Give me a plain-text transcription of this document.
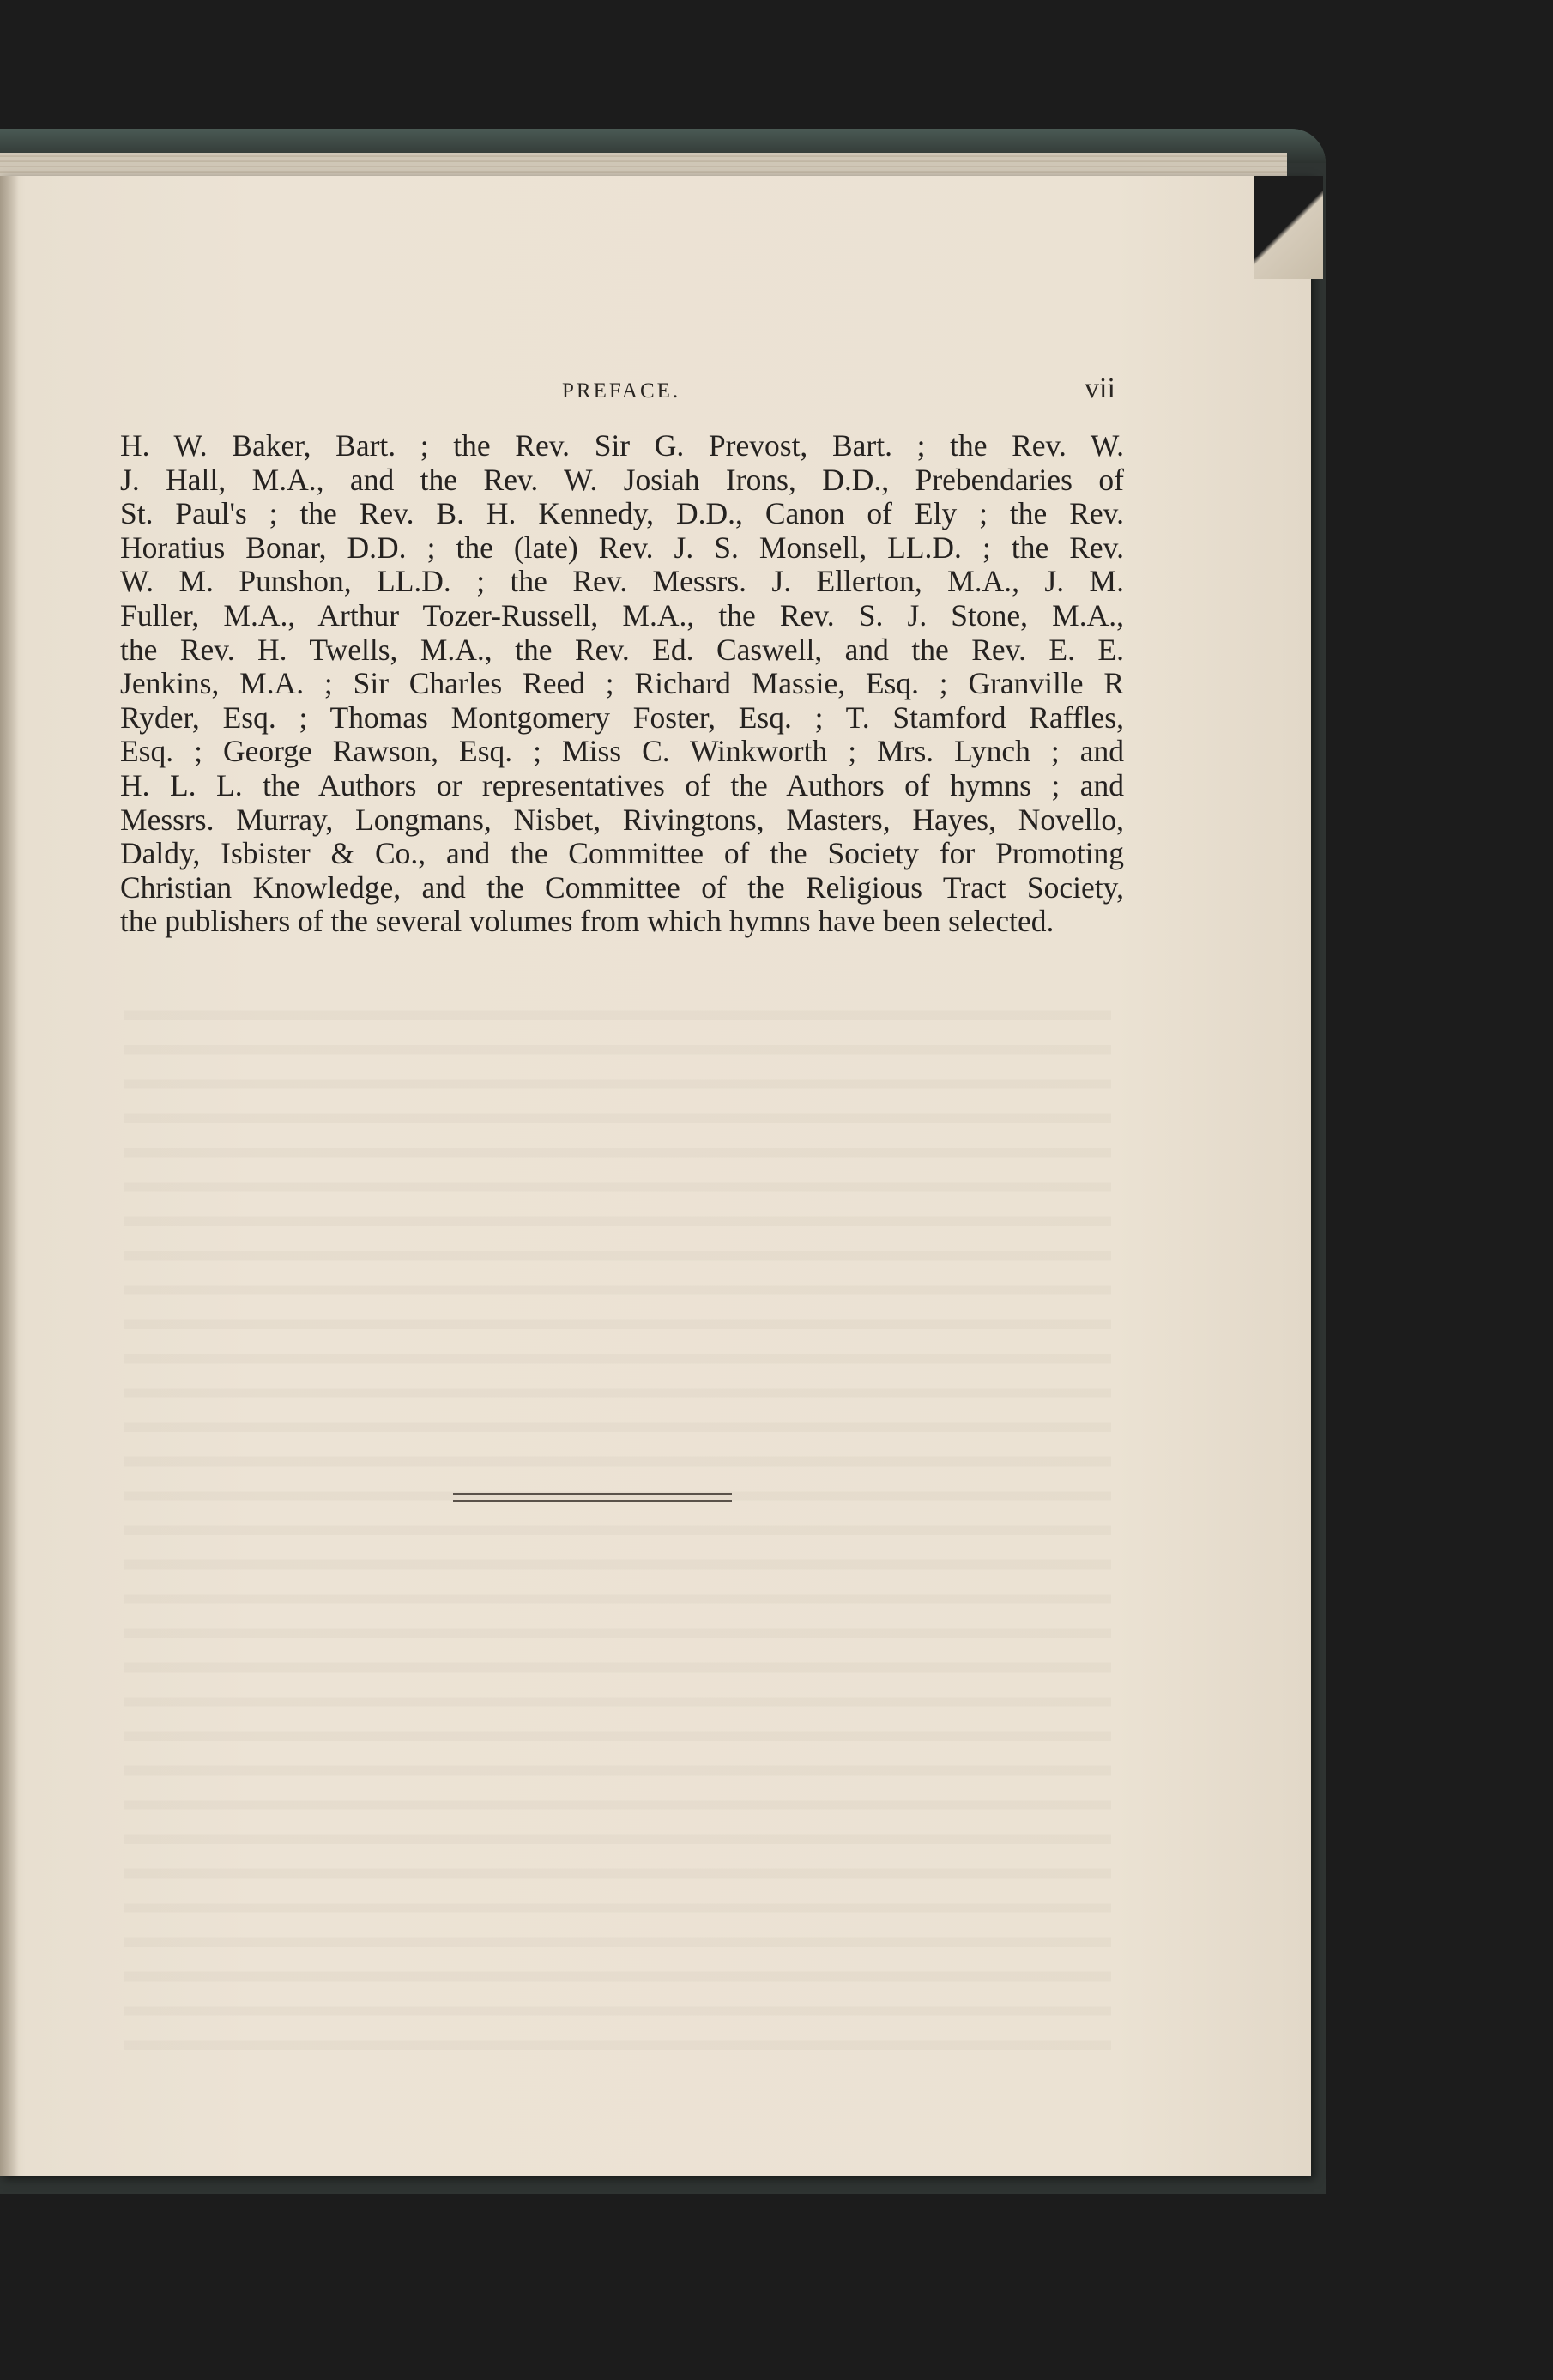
PREFACE.	vii
H. W. Baker, Bart. ; the Rev. Sir G. Prevost, Bart. ; the Rev. W.
J. Hall, M.A., and the Rev. W. Josiah Irons, D.D., Prebendaries of
St. Paul's ; the Rev. B. H. Kennedy, D.D., Canon of Ely ; the Rev.
Horatius Bonar, D.D. ; the (late) Rev. J. S. Monsell, LL.D. ; the Rev.
W. M. Punshon, LL.D. ; the Rev. Messrs. J. Ellerton, M.A., J. M.
Fuller, M.A., Arthur Tozer-Russell, M.A., the Rev. S. J. Stone, M.A.,
the Rev. H. Twells, M.A., the Rev. Ed. Caswell, and the Rev. E. E.
Jenkins, M.A. ; Sir Charles Reed ; Richard Massie, Esq. ; Granville R
Ryder, Esq. ; Thomas Montgomery Foster, Esq. ; T. Stamford Raffles,
Esq. ; George Rawson, Esq. ; Miss C. Winkworth ; Mrs. Lynch ; and
H. L. L. the Authors or representatives of the Authors of hymns ; and
Messrs. Murray, Longmans, Nisbet, Rivingtons, Masters, Hayes, Novello,
Daldy, Isbister & Co., and the Committee of the Society for Promoting
Christian Knowledge, and the Committee of the Religious Tract Society,
the publishers of the several volumes from which hymns have been selected.
